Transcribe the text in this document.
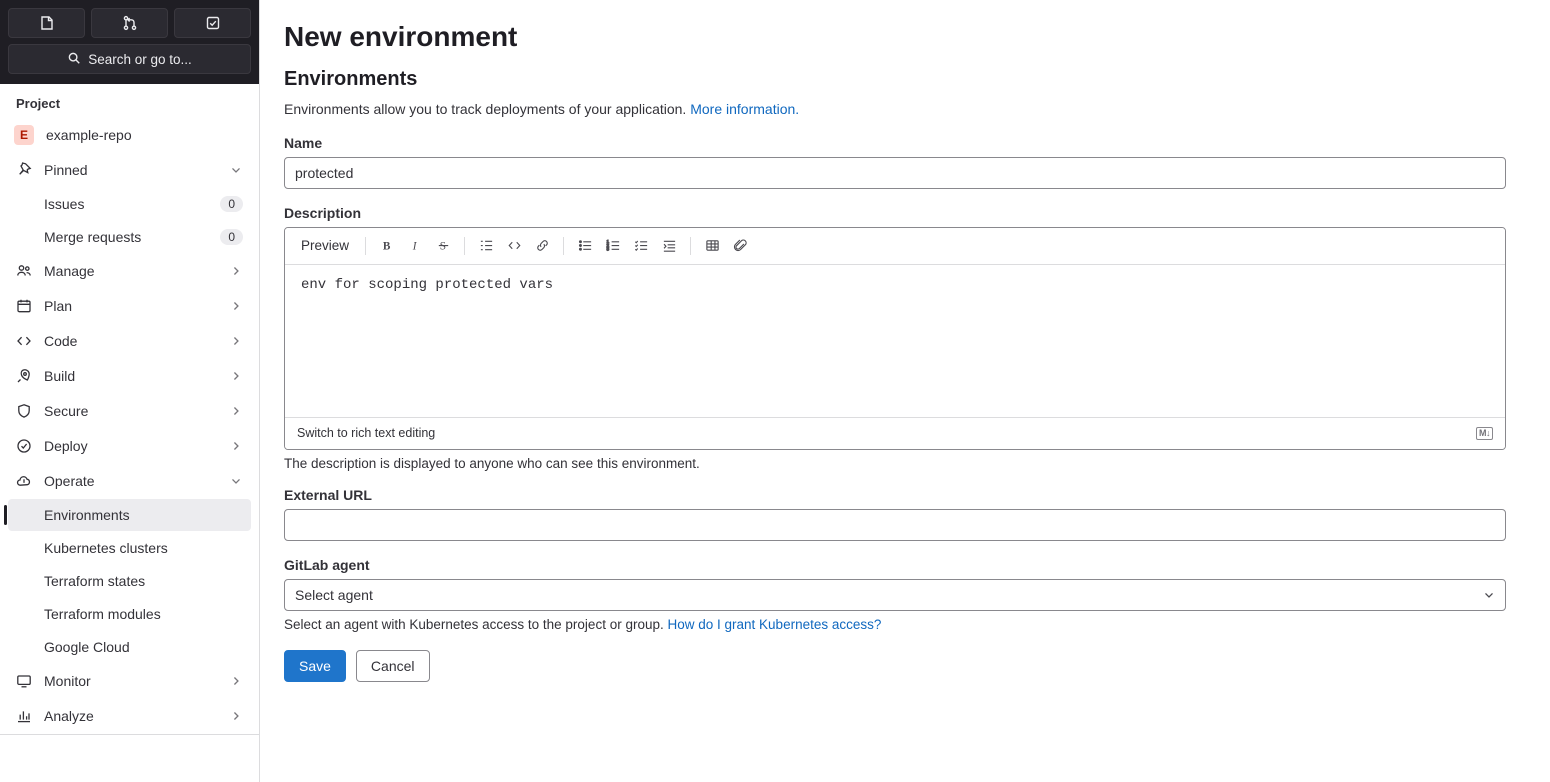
Search or go to...
Project
E	example-repo
Pinned
Issues	0
Merge requests	0
Manage
Plan
Code
Build
Secure
Deploy
Operate
Environments
Kubernetes clusters
Terraform states
Terraform modules
Google Cloud
Monitor
Analyze
New environment
Environments

Environments allow you to track deployments of your application. More information.

Name
protected
Description
Preview	B I S	1
2
3
env for scoping protected vars
Switch to rich text editing	M↓
The description is displayed to anyone who can see this environment.
External URL
GitLab agent
Select agent
Select an agent with Kubernetes access to the project or group. How do I grant Kubernetes access?
Save	Cancel
